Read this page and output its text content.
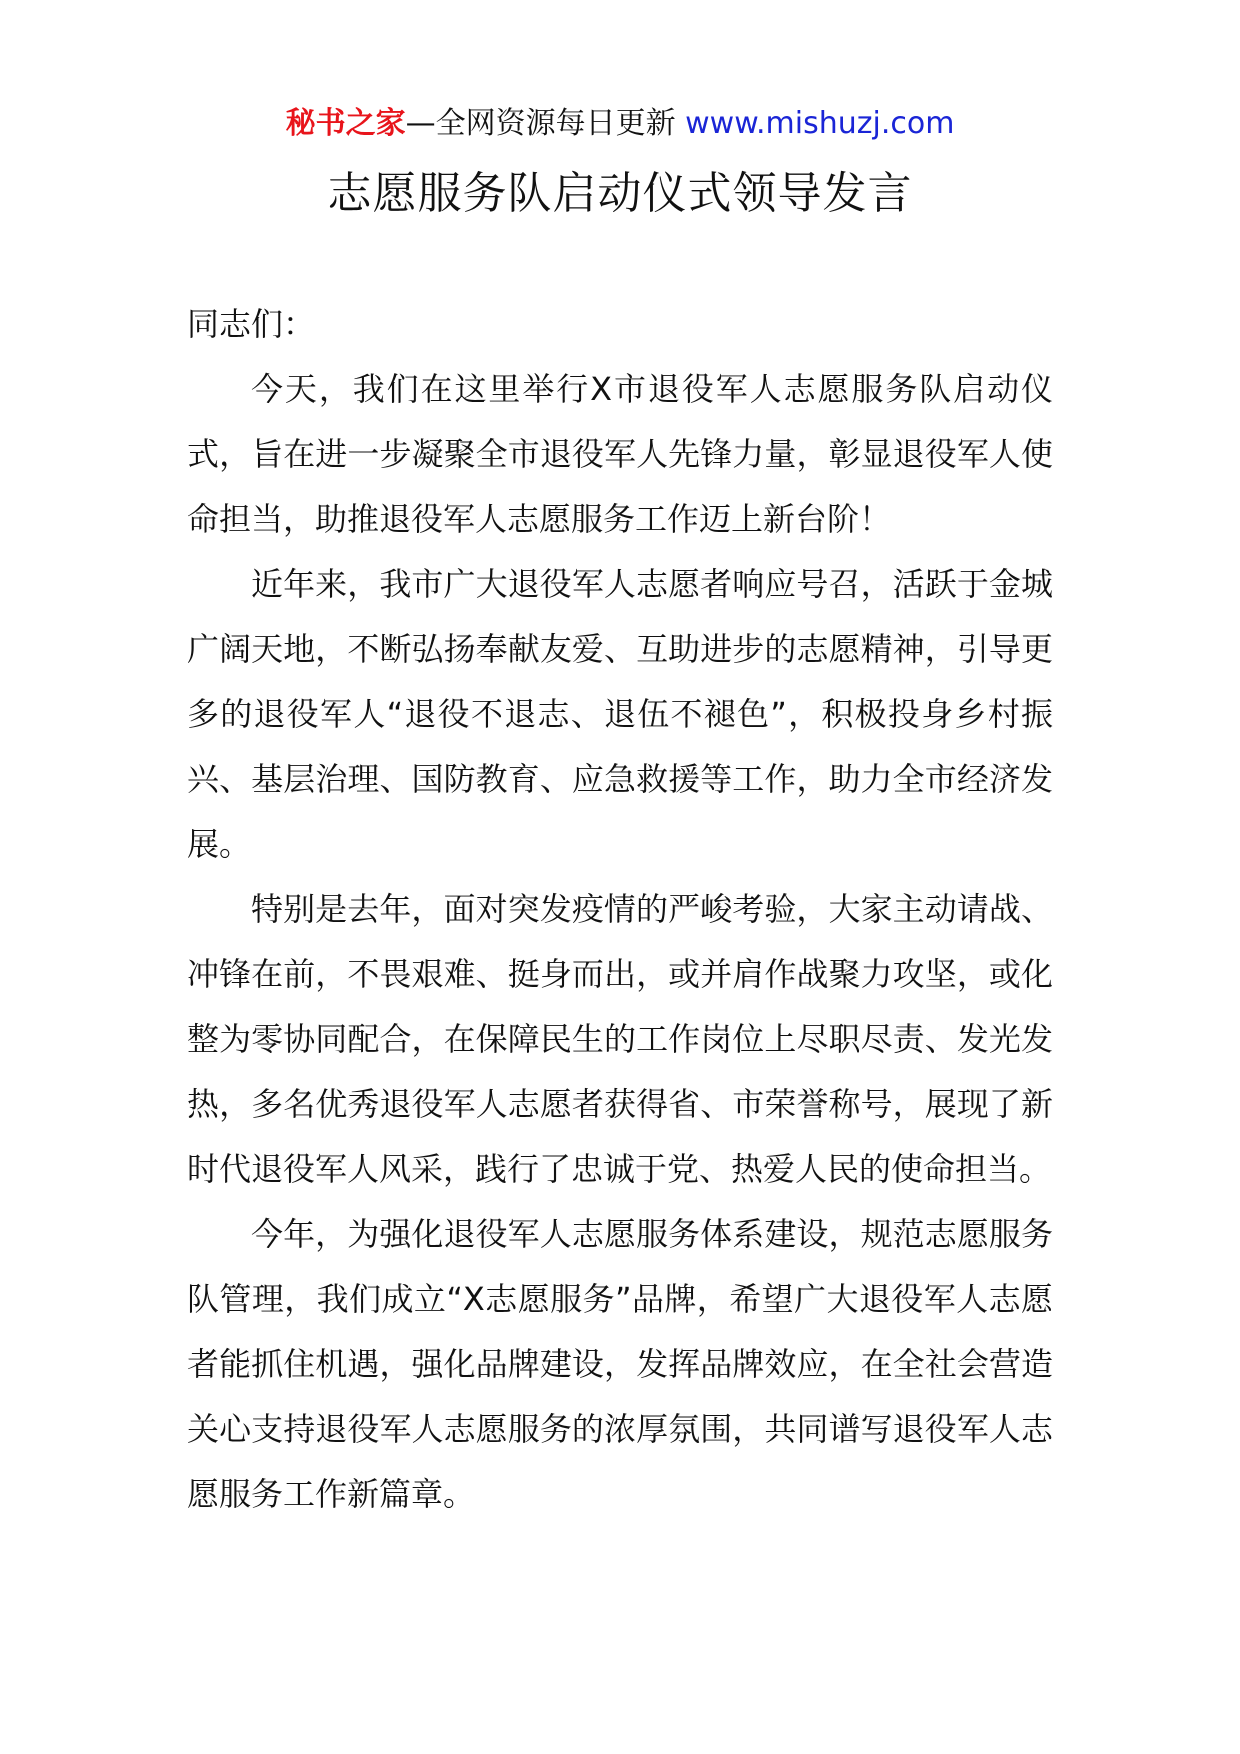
秘书之家—全网资源每日更新 www.mishuzj.com
志愿服务队启动仪式领导发言

同志们：

今天，我们在这里举行X市退役军人志愿服务队启动仪式，旨在进一步凝聚全市退役军人先锋力量，彰显退役军人使命担当，助推退役军人志愿服务工作迈上新台阶！

近年来，我市广大退役军人志愿者响应号召，活跃于金城广阔天地，不断弘扬奉献友爱、互助进步的志愿精神，引导更多的退役军人“退役不退志、退伍不褪色”，积极投身乡村振兴、基层治理、国防教育、应急救援等工作，助力全市经济发展。

特别是去年，面对突发疫情的严峻考验，大家主动请战、冲锋在前，不畏艰难、挺身而出，或并肩作战聚力攻坚，或化整为零协同配合，在保障民生的工作岗位上尽职尽责、发光发热，多名优秀退役军人志愿者获得省、市荣誉称号，展现了新时代退役军人风采，践行了忠诚于党、热爱人民的使命担当。

今年，为强化退役军人志愿服务体系建设，规范志愿服务队管理，我们成立“X志愿服务”品牌，希望广大退役军人志愿者能抓住机遇，强化品牌建设，发挥品牌效应，在全社会营造关心支持退役军人志愿服务的浓厚氛围，共同谱写退役军人志愿服务工作新篇章。
